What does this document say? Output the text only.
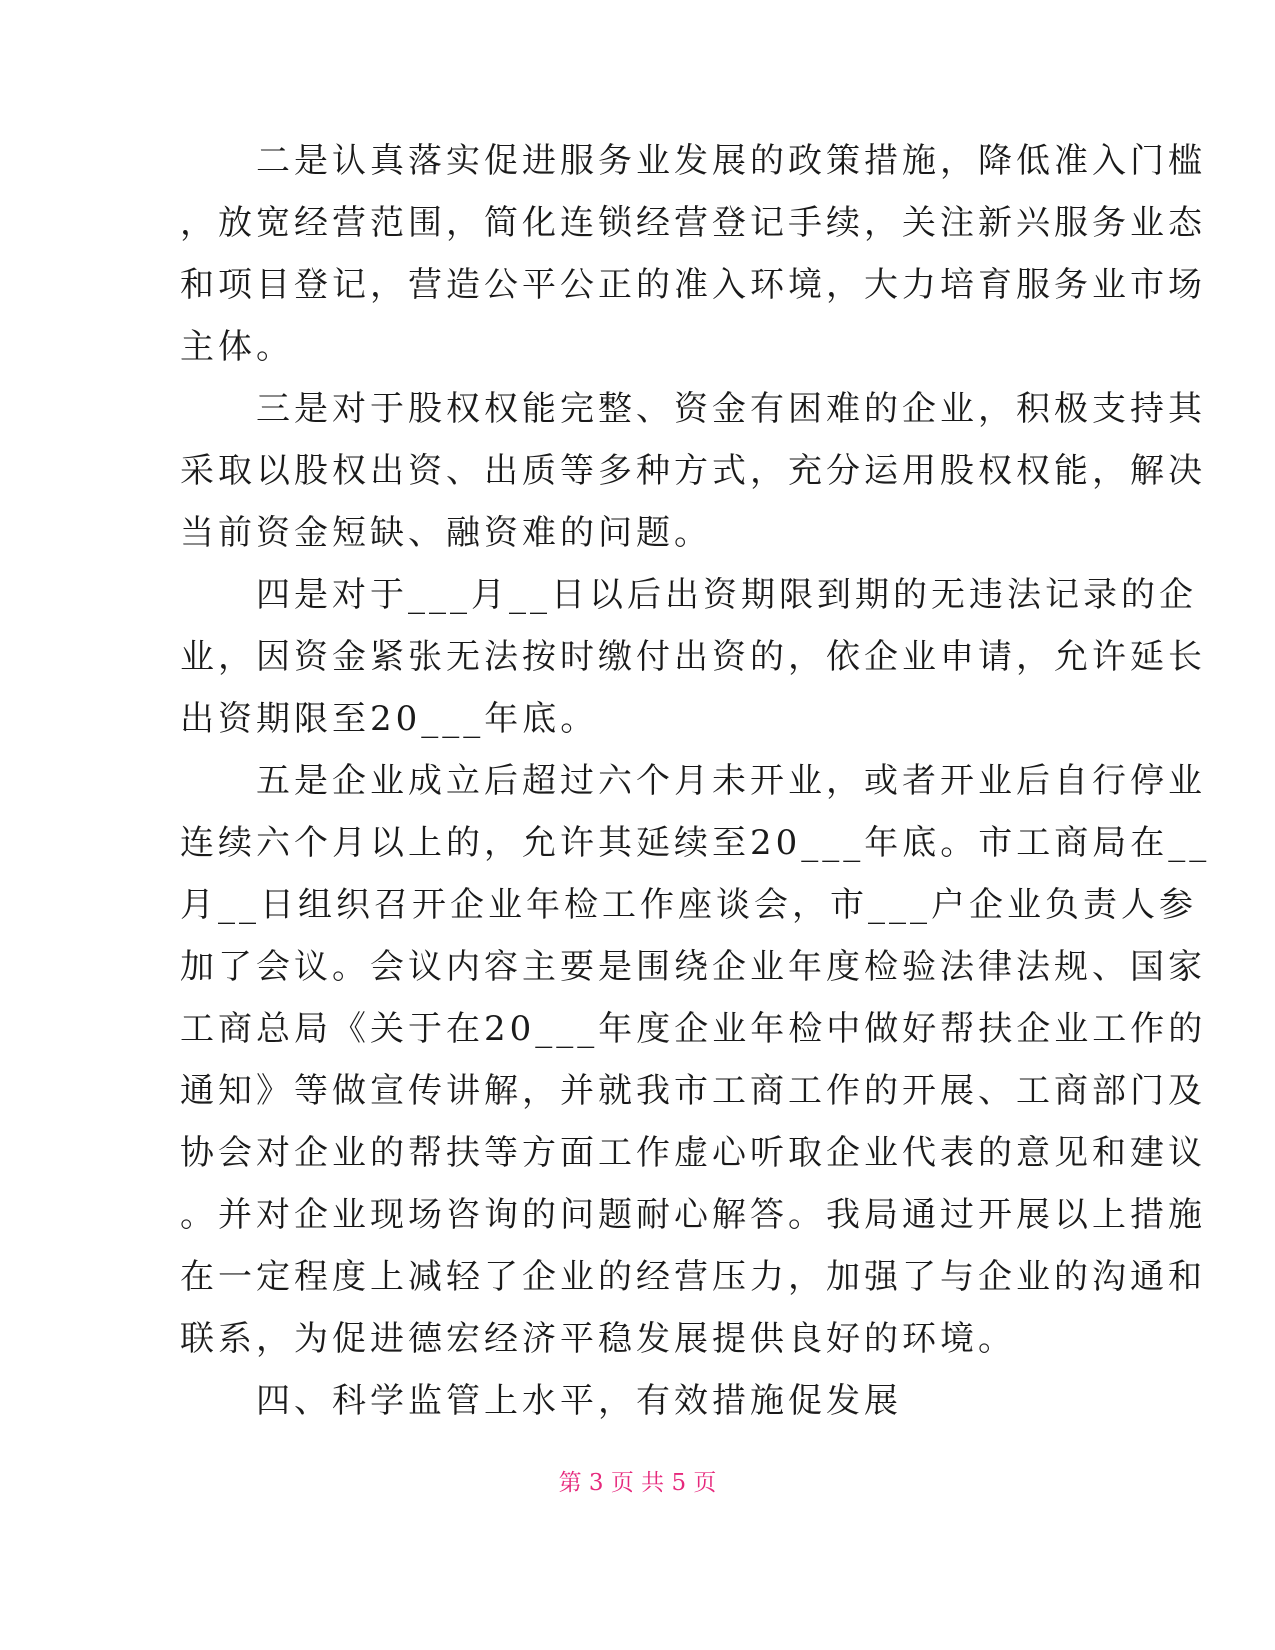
　　二是认真落实促进服务业发展的政策措施，降低准入门槛
，放宽经营范围，简化连锁经营登记手续，关注新兴服务业态
和项目登记，营造公平公正的准入环境，大力培育服务业市场
主体。
　　三是对于股权权能完整、资金有困难的企业，积极支持其
采取以股权出资、出质等多种方式，充分运用股权权能，解决
当前资金短缺、融资难的问题。
　　四是对于___月__日以后出资期限到期的无违法记录的企
业，因资金紧张无法按时缴付出资的，依企业申请，允许延长
出资期限至20___年底。
　　五是企业成立后超过六个月未开业，或者开业后自行停业
连续六个月以上的，允许其延续至20___年底。市工商局在__
月__日组织召开企业年检工作座谈会，市___户企业负责人参
加了会议。会议内容主要是围绕企业年度检验法律法规、国家
工商总局《关于在20___年度企业年检中做好帮扶企业工作的
通知》等做宣传讲解，并就我市工商工作的开展、工商部门及
协会对企业的帮扶等方面工作虚心听取企业代表的意见和建议
。并对企业现场咨询的问题耐心解答。我局通过开展以上措施
在一定程度上减轻了企业的经营压力，加强了与企业的沟通和
联系，为促进德宏经济平稳发展提供良好的环境。
　　四、科学监管上水平，有效措施促发展
第 3 页 共 5 页
